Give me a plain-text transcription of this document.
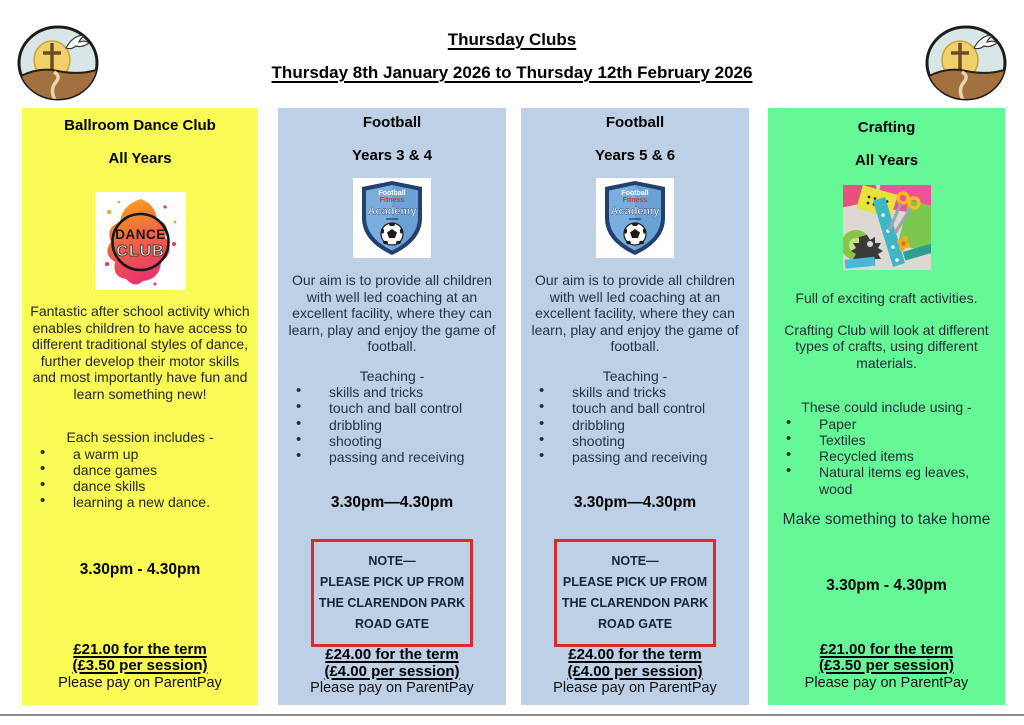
Thursday Clubs
Thursday 8th January 2026 to Thursday 12th February 2026
Ballroom Dance Club
All Years
DANCE
CLUB
Fantastic after school activity which enables children to have access to different traditional styles of dance, further develop their motor skills and most importantly have fun and learn something new!
Each session includes -
• a warm up
• dance games
• dance skills
• learning a new dance.
3.30pm - 4.30pm
£21.00 for the term
(£3.50 per session)
Please pay on ParentPay
Football
Years 3 & 4
Football
Fitness
Academy
Our aim is to provide all children with well led coaching at an excellent facility, where they can learn, play and enjoy the game of football.
Teaching -
• skills and tricks
• touch and ball control
• dribbling
• shooting
• passing and receiving
3.30pm—4.30pm
NOTE—
PLEASE PICK UP FROM
THE CLARENDON PARK
ROAD GATE
£24.00 for the term
(£4.00 per session)
Please pay on ParentPay
Football
Years 5 & 6
Football
Fitness
Academy
Our aim is to provide all children with well led coaching at an excellent facility, where they can learn, play and enjoy the game of football.
Teaching -
• skills and tricks
• touch and ball control
• dribbling
• shooting
• passing and receiving
3.30pm—4.30pm
NOTE—
PLEASE PICK UP FROM
THE CLARENDON PARK
ROAD GATE
£24.00 for the term
(£4.00 per session)
Please pay on ParentPay
Crafting
All Years
Full of exciting craft activities.
Crafting Club will look at different types of crafts, using different materials.
These could include using -
• Paper
• Textiles
• Recycled items
• Natural items eg leaves, wood
Make something to take home
3.30pm - 4.30pm
£21.00 for the term
(£3.50 per session)
Please pay on ParentPay
